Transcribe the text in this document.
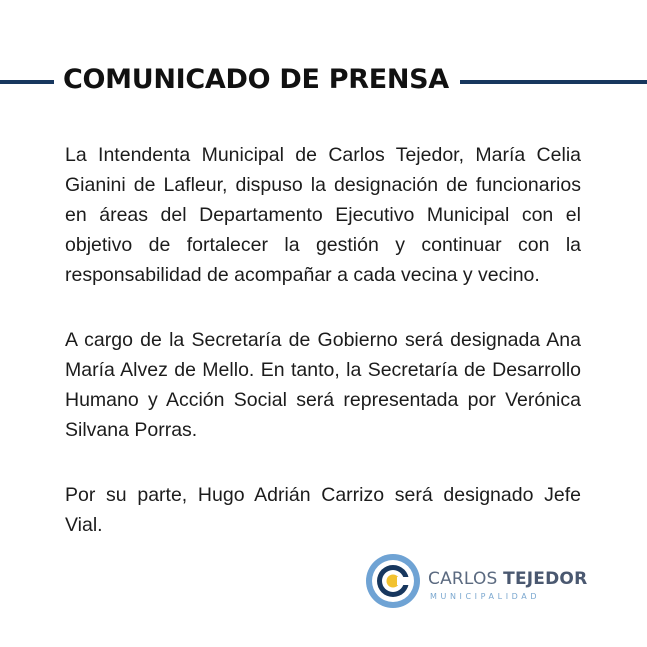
COMUNICADO DE PRENSA

La Intendenta Municipal de Carlos Tejedor, María Celia Gianini de Lafleur, dispuso la designación de funcionarios en áreas del Departamento Ejecutivo Municipal con el objetivo de fortalecer la gestión y continuar con la responsabilidad de acompañar a cada vecina y vecino.

A cargo de la Secretaría de Gobierno será designada Ana María Alvez de Mello. En tanto, la Secretaría de Desarrollo Humano y Acción Social será representada por Verónica Silvana Porras.

Por su parte, Hugo Adrián Carrizo será designado Jefe Vial.

CARLOS TEJEDOR
MUNICIPALIDAD
